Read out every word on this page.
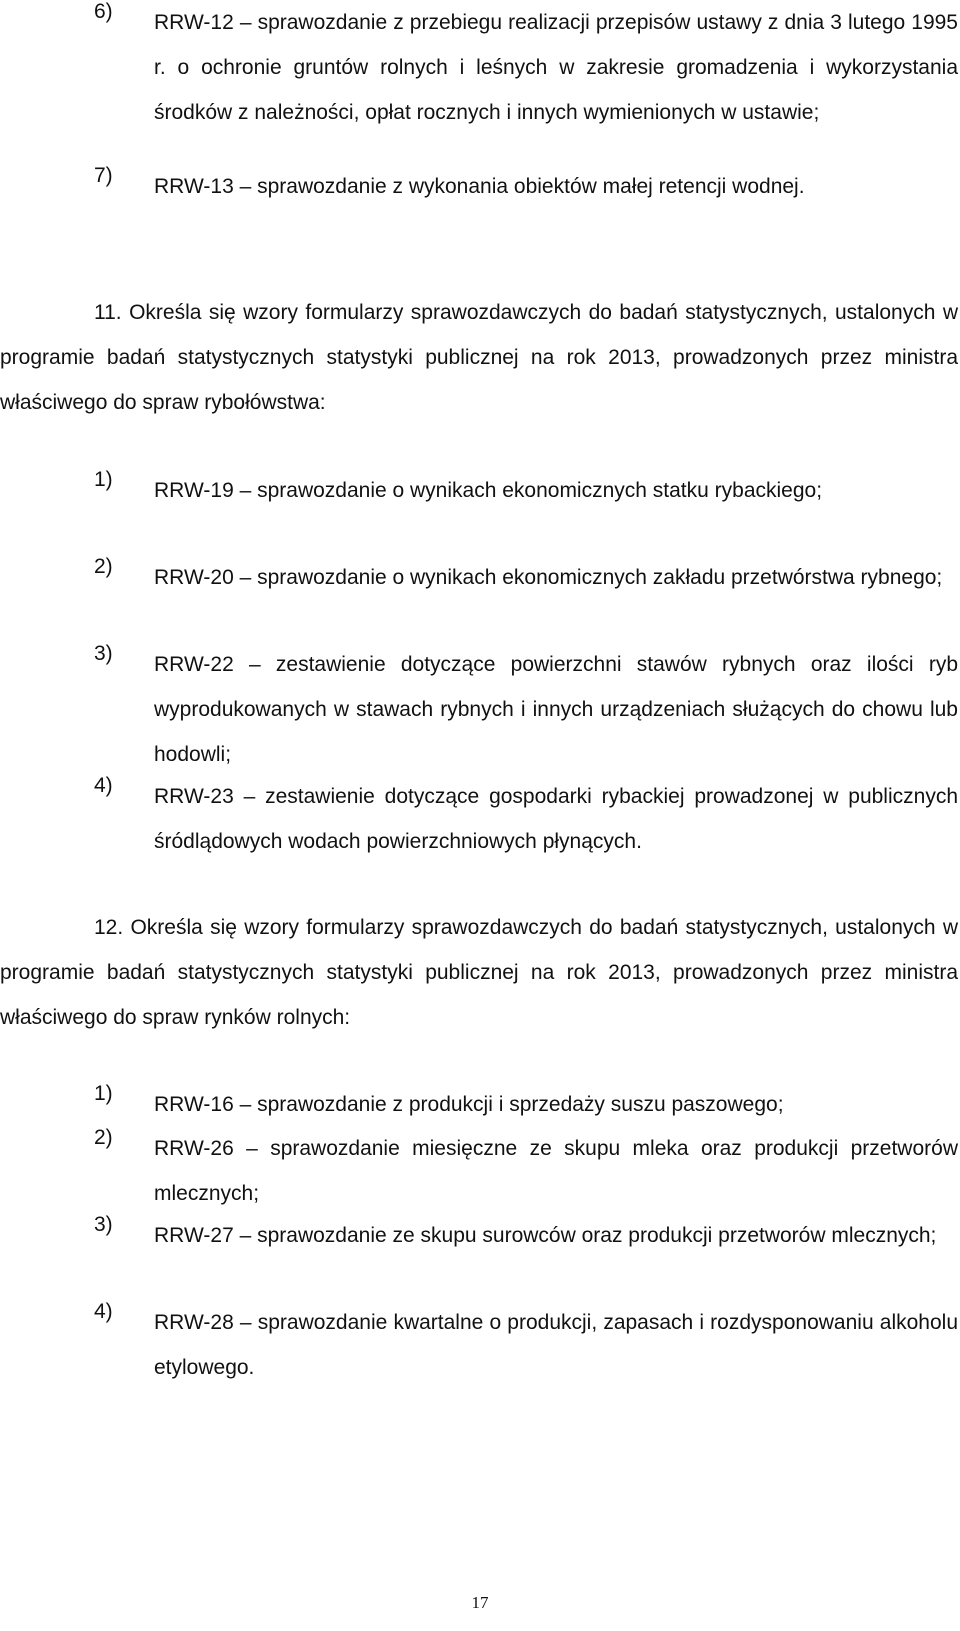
6)	RRW-12 – sprawozdanie z przebiegu realizacji przepisów ustawy z dnia 3 lutego 1995 r. o ochronie gruntów rolnych i leśnych w zakresie gromadzenia i wykorzystania środków z należności, opłat rocznych i innych wymienionych w ustawie;
7)	RRW-13 – sprawozdanie z wykonania obiektów małej retencji wodnej.
11. Określa się wzory formularzy sprawozdawczych do badań statystycznych, ustalonych w programie badań statystycznych statystyki publicznej na rok 2013, prowadzonych przez ministra właściwego do spraw rybołówstwa:
1)	RRW-19 – sprawozdanie o wynikach ekonomicznych statku rybackiego;
2)	RRW-20 – sprawozdanie o wynikach ekonomicznych zakładu przetwórstwa rybnego;
3)	RRW-22 – zestawienie dotyczące powierzchni stawów rybnych oraz ilości ryb wyprodukowanych w stawach rybnych i innych urządzeniach służących do chowu lub hodowli;
4)	RRW-23 – zestawienie dotyczące gospodarki rybackiej prowadzonej w publicznych śródlądowych wodach powierzchniowych płynących.
12. Określa się wzory formularzy sprawozdawczych do badań statystycznych, ustalonych w programie badań statystycznych statystyki publicznej na rok 2013, prowadzonych przez ministra właściwego do spraw rynków rolnych:
1)	RRW-16 – sprawozdanie z produkcji i sprzedaży suszu paszowego;
2)	RRW-26 – sprawozdanie miesięczne ze skupu mleka oraz produkcji przetworów mlecznych;
3)	RRW-27 – sprawozdanie ze skupu surowców oraz produkcji przetworów mlecznych;
4)	RRW-28 – sprawozdanie kwartalne o produkcji, zapasach i rozdysponowaniu alkoholu etylowego.
17
